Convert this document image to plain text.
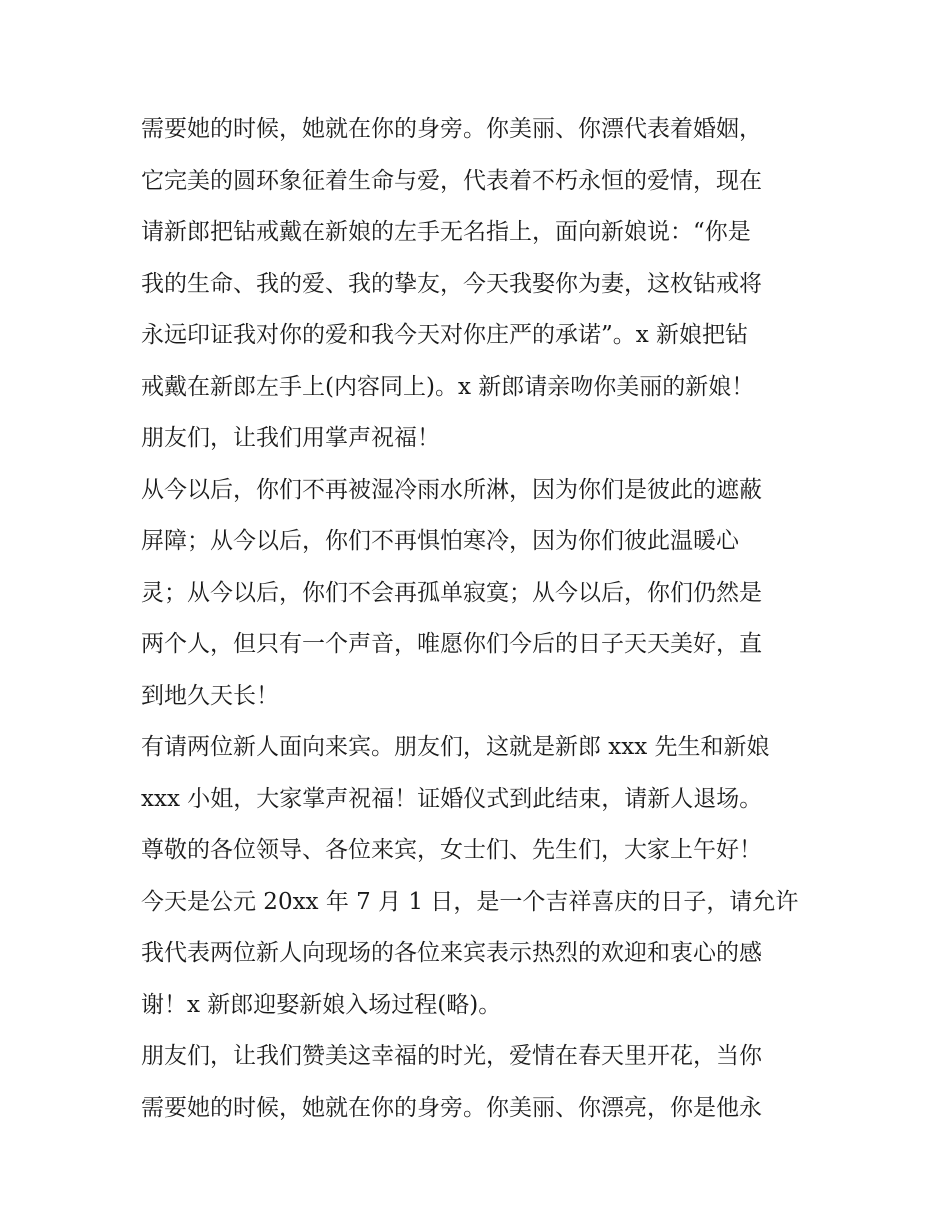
需要她的时候，她就在你的身旁。你美丽、你漂代表着婚姻，
它完美的圆环象征着生命与爱，代表着不朽永恒的爱情，现在
请新郎把钻戒戴在新娘的左手无名指上，面向新娘说：“你是
我的生命、我的爱、我的挚友，今天我娶你为妻，这枚钻戒将
永远印证我对你的爱和我今天对你庄严的承诺”。x 新娘把钻
戒戴在新郎左手上(内容同上)。x 新郎请亲吻你美丽的新娘！
朋友们，让我们用掌声祝福！
从今以后，你们不再被湿冷雨水所淋，因为你们是彼此的遮蔽
屏障；从今以后，你们不再惧怕寒冷，因为你们彼此温暖心
灵；从今以后，你们不会再孤单寂寞；从今以后，你们仍然是
两个人，但只有一个声音，唯愿你们今后的日子天天美好，直
到地久天长！
有请两位新人面向来宾。朋友们，这就是新郎 xxx 先生和新娘
xxx 小姐，大家掌声祝福！证婚仪式到此结束，请新人退场。
尊敬的各位领导、各位来宾，女士们、先生们，大家上午好！
今天是公元 20xx 年 7 月 1 日，是一个吉祥喜庆的日子，请允许
我代表两位新人向现场的各位来宾表示热烈的欢迎和衷心的感
谢！x 新郎迎娶新娘入场过程(略)。
朋友们，让我们赞美这幸福的时光，爱情在春天里开花，当你
需要她的时候，她就在你的身旁。你美丽、你漂亮，你是他永
